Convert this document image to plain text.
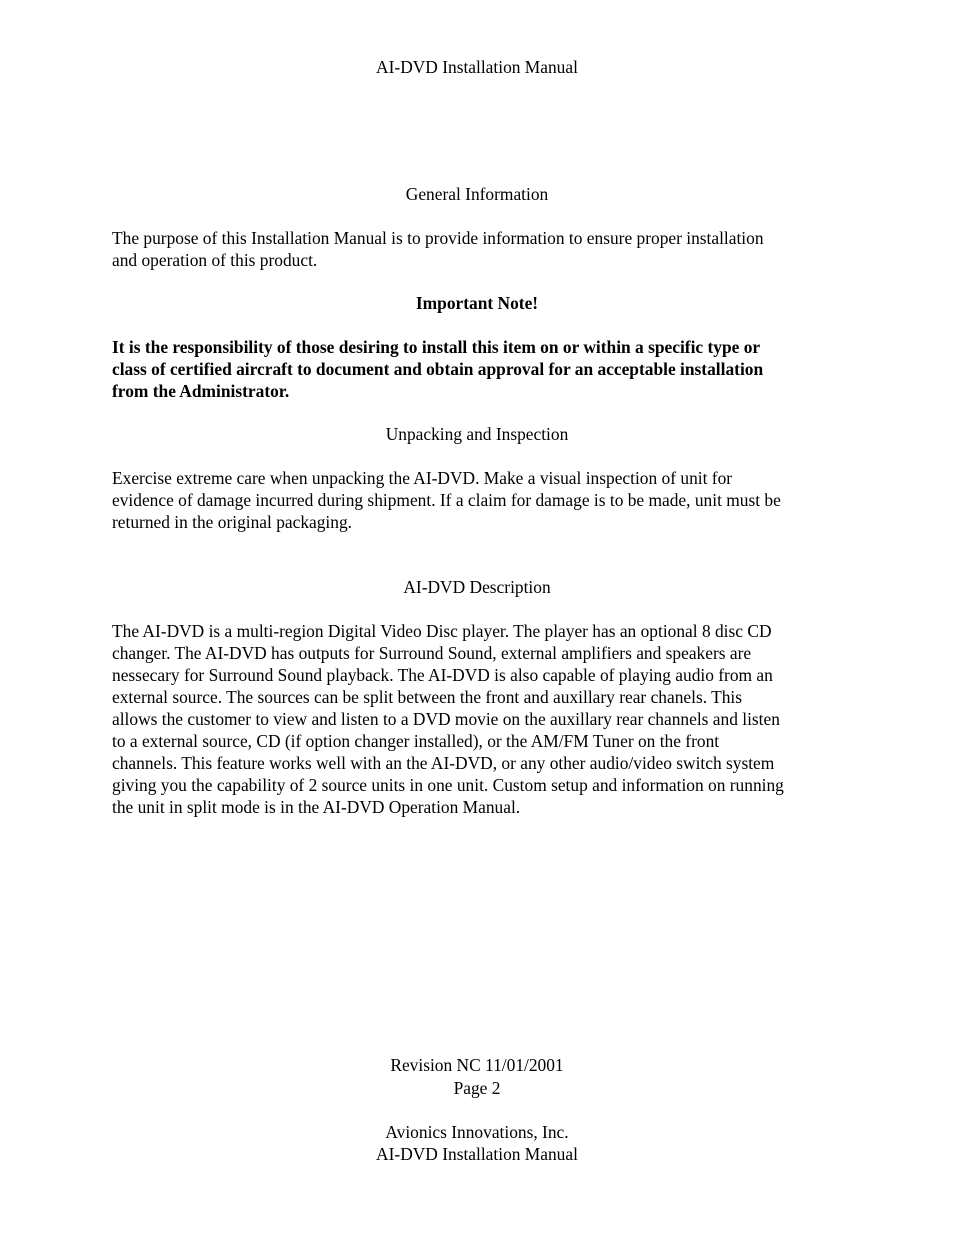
AI-DVD Installation Manual
General Information
The purpose of this Installation Manual is to provide information to ensure proper installation
and operation of this product.
Important Note!
It is the responsibility of those desiring to install this item on or within a specific type or
class of certified aircraft to document and obtain approval for an acceptable installation
from the Administrator.
Unpacking and Inspection
Exercise extreme care when unpacking the AI-DVD. Make a visual inspection of unit for
evidence of damage incurred during shipment. If a claim for damage is to be made, unit must be
returned in the original packaging.
AI-DVD Description
The AI-DVD is a multi-region Digital Video Disc player. The player has an optional 8 disc CD
changer. The AI-DVD has outputs for Surround Sound, external amplifiers and speakers are
nessecary for Surround Sound playback. The AI-DVD is also capable of playing audio from an
external source. The sources can be split between the front and auxillary rear chanels. This
allows the customer to view and listen to a DVD movie on the auxillary rear channels and listen
to a external source, CD (if option changer installed), or the AM/FM Tuner on the front
channels. This feature works well with an the AI-DVD, or any other audio/video switch system
giving you the capability of 2 source units in one unit. Custom setup and information on running
the unit in split mode is in the AI-DVD Operation Manual.
Revision NC 11/01/2001
Page 2
Avionics Innovations, Inc.
AI-DVD Installation Manual
